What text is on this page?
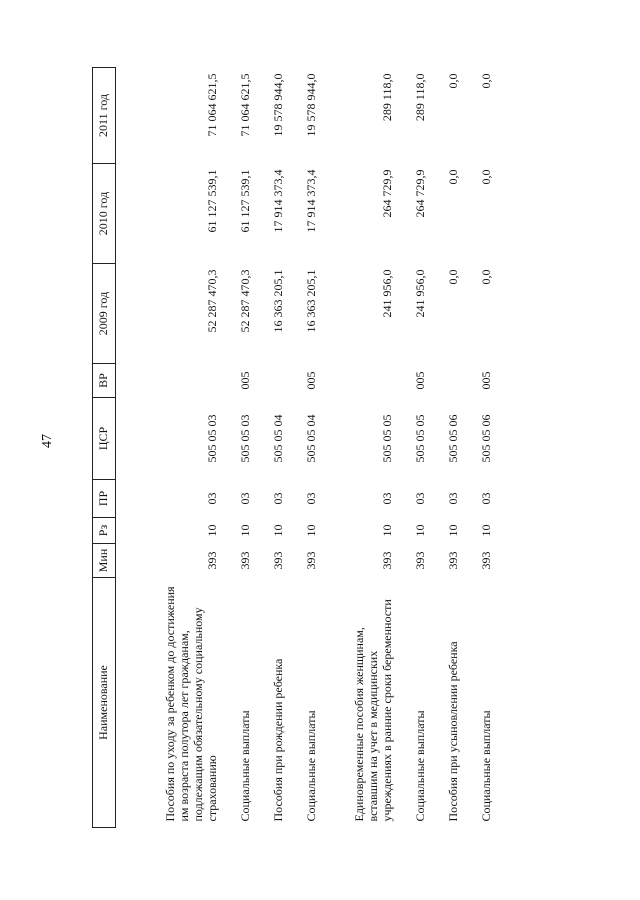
47
Наименование	Мин	Рз	ПР	ЦСР	ВР	2009 год	2010 год	2011 год
Пособия по уходу за ребенком до достижения им возраста полутора лет гражданам, подлежащим обязательному социальному страхованию	393	10	03	505 05 03		52 287 470,3	61 127 539,1	71 064 621,5
Социальные выплаты	393	10	03	505 05 03	005	52 287 470,3	61 127 539,1	71 064 621,5
Пособия при рождении ребенка	393	10	03	505 05 04		16 363 205,1	17 914 373,4	19 578 944,0
Социальные выплаты	393	10	03	505 05 04	005	16 363 205,1	17 914 373,4	19 578 944,0
Единовременные пособия женщинам, вставшим на учет в медицинских учреждениях в ранние сроки беременности	393	10	03	505 05 05		241 956,0	264 729,9	289 118,0
Социальные выплаты	393	10	03	505 05 05	005	241 956,0	264 729,9	289 118,0
Пособия при усыновлении ребенка	393	10	03	505 05 06		0,0	0,0	0,0
Социальные выплаты	393	10	03	505 05 06	005	0,0	0,0	0,0
